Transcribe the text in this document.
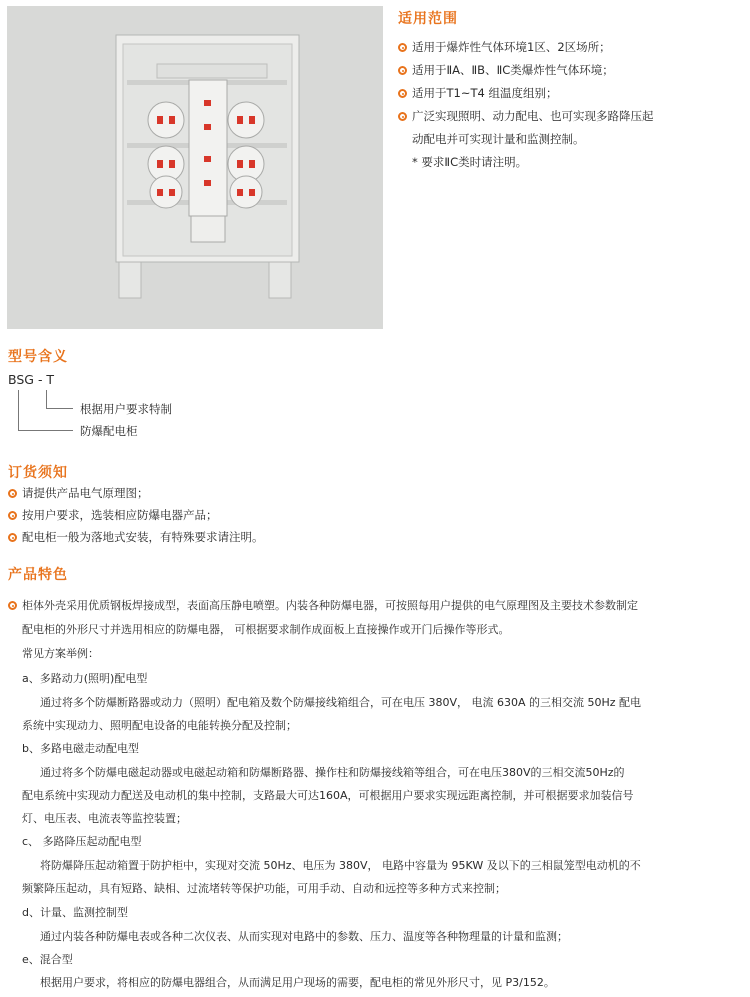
适用范围
适用于爆炸性气体环境1区、2区场所；
适用于ⅡA、ⅡB、ⅡC类爆炸性气体环境；
适用于T1~T4 组温度组别；
广泛实现照明、动力配电、也可实现多路降压起
动配电并可实现计量和监测控制。
* 要求ⅡC类时请注明。
型号含义
BSG - T
根据用户要求特制
防爆配电柜
订货须知
请提供产品电气原理图；
按用户要求，选装相应防爆电器产品；
配电柜一般为落地式安装，有特殊要求请注明。
产品特色
柜体外壳采用优质钢板焊接成型，表面高压静电喷塑。内装各种防爆电器，可按照每用户提供的电气原理图及主要技术参数制定
配电柜的外形尺寸并选用相应的防爆电器， 可根据要求制作成面板上直接操作或开门后操作等形式。
常见方案举例：
a、多路动力(照明)配电型
通过将多个防爆断路器或动力（照明）配电箱及数个防爆接线箱组合，可在电压 380V， 电流 630A 的三相交流 50Hz 配电
系统中实现动力、照明配电设备的电能转换分配及控制；
b、多路电磁走动配电型
通过将多个防爆电磁起动器或电磁起动箱和防爆断路器、操作柱和防爆接线箱等组合，可在电压380V的三相交流50Hz的
配电系统中实现动力配送及电动机的集中控制，支路最大可达160A，可根据用户要求实现远距离控制，并可根据要求加装信号
灯、电压表、电流表等监控装置；
c、 多路降压起动配电型
将防爆降压起动箱置于防护柜中，实现对交流 50Hz、电压为 380V， 电路中容量为 95KW 及以下的三相鼠笼型电动机的不
频繁降压起动，具有短路、缺相、过流堵转等保护功能，可用手动、自动和远控等多种方式来控制；
d、计量、监测控制型
通过内装各种防爆电表或各种二次仪表、从而实现对电路中的参数、压力、温度等各种物理量的计量和监测；
e、混合型
根据用户要求，将相应的防爆电器组合，从而满足用户现场的需要，配电柜的常见外形尺寸，见 P3/152。
